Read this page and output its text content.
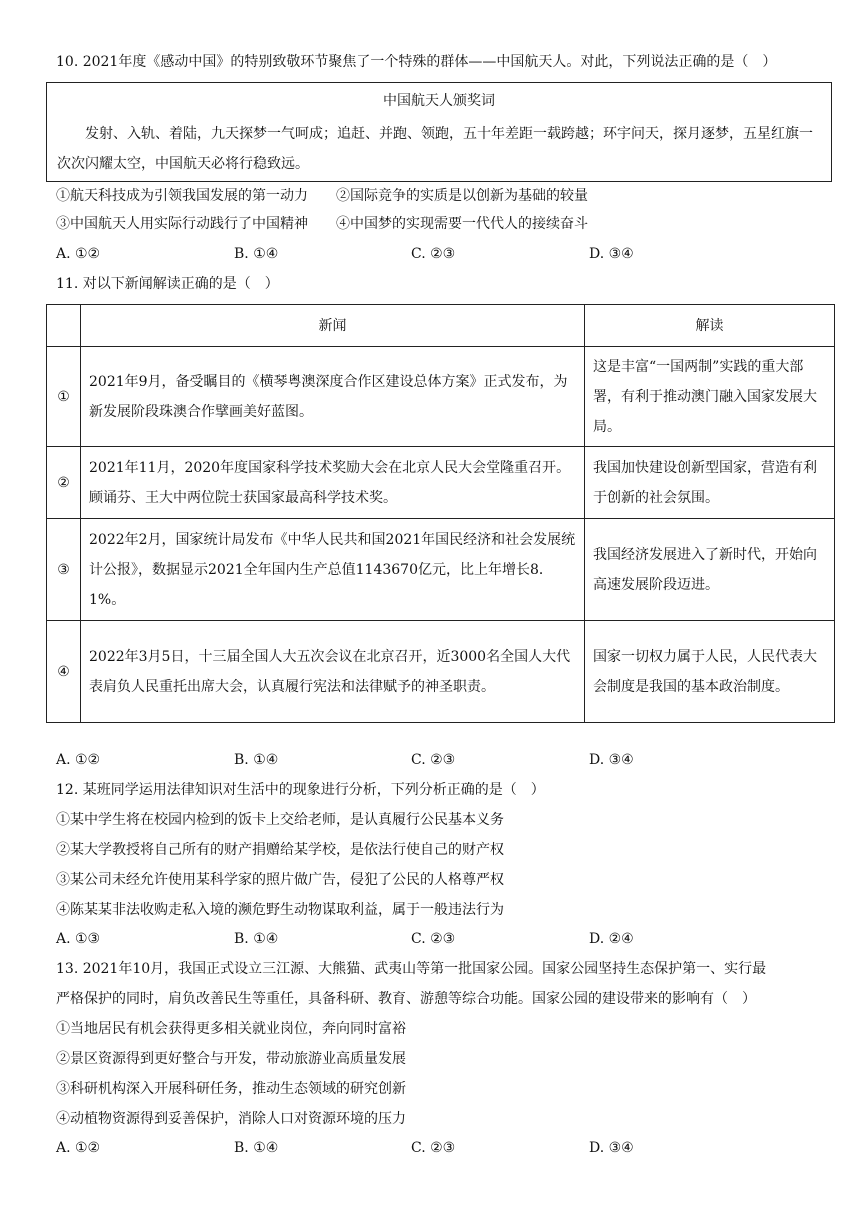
10. 2021年度《感动中国》的特别致敬环节聚焦了一个特殊的群体——中国航天人。对此，下列说法正确的是（　）
中国航天人颁奖词
发射、入轨、着陆，九天探梦一气呵成；追赶、并跑、领跑，五十年差距一载跨越；环宇问天，探月逐梦，五星红旗一次次闪耀太空，中国航天必将行稳致远。
①航天科技成为引领我国发展的第一动力　　②国际竞争的实质是以创新为基础的较量
③中国航天人用实际行动践行了中国精神　　④中国梦的实现需要一代代人的接续奋斗
A. ①②	B. ①④	C. ②③	D. ③④
11. 对以下新闻解读正确的是（　）
	新闻	解读
①	2021年9月，备受瞩目的《横琴粤澳深度合作区建设总体方案》正式发布，为新发展阶段珠澳合作擘画美好蓝图。	这是丰富“一国两制”实践的重大部署，有利于推动澳门融入国家发展大局。
②	2021年11月，2020年度国家科学技术奖励大会在北京人民大会堂隆重召开。顾诵芬、王大中两位院士获国家最高科学技术奖。	我国加快建设创新型国家，营造有利于创新的社会氛围。
③	2022年2月，国家统计局发布《中华人民共和国2021年国民经济和社会发展统计公报》，数据显示2021全年国内生产总值1143670亿元，比上年增长8．1%。	我国经济发展进入了新时代，开始向高速发展阶段迈进。
④	2022年3月5日，十三届全国人大五次会议在北京召开，近3000名全国人大代表肩负人民重托出席大会，认真履行宪法和法律赋予的神圣职责。	国家一切权力属于人民，人民代表大会制度是我国的基本政治制度。
A. ①②	B. ①④	C. ②③	D. ③④
12. 某班同学运用法律知识对生活中的现象进行分析，下列分析正确的是（　）
①某中学生将在校园内检到的饭卡上交给老师，是认真履行公民基本义务
②某大学教授将自己所有的财产捐赠给某学校，是依法行使自己的财产权
③某公司未经允许使用某科学家的照片做广告，侵犯了公民的人格尊严权
④陈某某非法收购走私入境的濒危野生动物谋取利益，属于一般违法行为
A. ①③	B. ①④	C. ②③	D. ②④
13. 2021年10月，我国正式设立三江源、大熊猫、武夷山等第一批国家公园。国家公园坚持生态保护第一、实行最
严格保护的同时，肩负改善民生等重任，具备科研、教育、游憩等综合功能。国家公园的建设带来的影响有（　）
①当地居民有机会获得更多相关就业岗位，奔向同时富裕
②景区资源得到更好整合与开发，带动旅游业高质量发展
③科研机构深入开展科研任务，推动生态领域的研究创新
④动植物资源得到妥善保护，消除人口对资源环境的压力
A. ①②	B. ①④	C. ②③	D. ③④
